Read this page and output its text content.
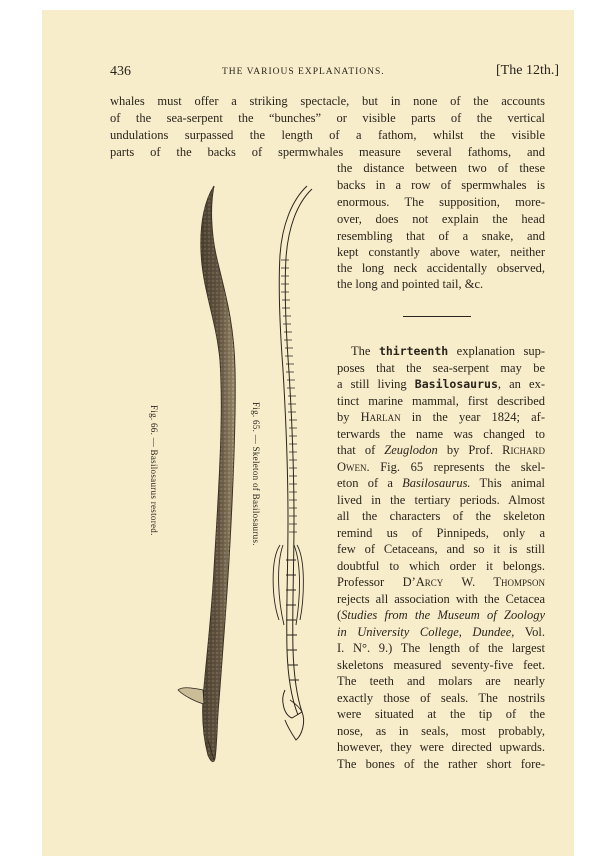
436	THE VARIOUS EXPLANATIONS.	[The 12th.]
whales must offer a striking spectacle, but in none of the accounts
of the sea-serpent the “bunches” or visible parts of the vertical
undulations surpassed the length of a fathom, whilst the visible
parts of the backs of spermwhales measure several fathoms, and
the distance between two of these
backs in a row of spermwhales is
enormous. The supposition, more-
over, does not explain the head
resembling that of a snake, and
kept constantly above water, neither
the long neck accidentally observed,
the long and pointed tail, &c.
The thirteenth explanation sup-
poses that the sea-serpent may be
a still living Basilosaurus, an ex-
tinct marine mammal, first described
by Harlan in the year 1824; af-
terwards the name was changed to
that of Zeuglodon by Prof. Richard
Owen. Fig. 65 represents the skel-
eton of a Basilosaurus. This animal
lived in the tertiary periods. Almost
all the characters of the skeleton
remind us of Pinnipeds, only a
few of Cetaceans, and so it is still
doubtful to which order it belongs.
Professor D’Arcy W. Thompson
rejects all association with the Cetacea
(Studies from the Museum of Zoology
in University College, Dundee, Vol.
I. N°. 9.) The length of the largest
skeletons measured seventy-five feet.
The teeth and molars are nearly
exactly those of seals. The nostrils
were situated at the tip of the
nose, as in seals, most probably,
however, they were directed upwards.
The bones of the rather short fore-
Fig. 66. — Basilosaurus restored.	Fig. 65. — Skeleton of Basilosaurus.
